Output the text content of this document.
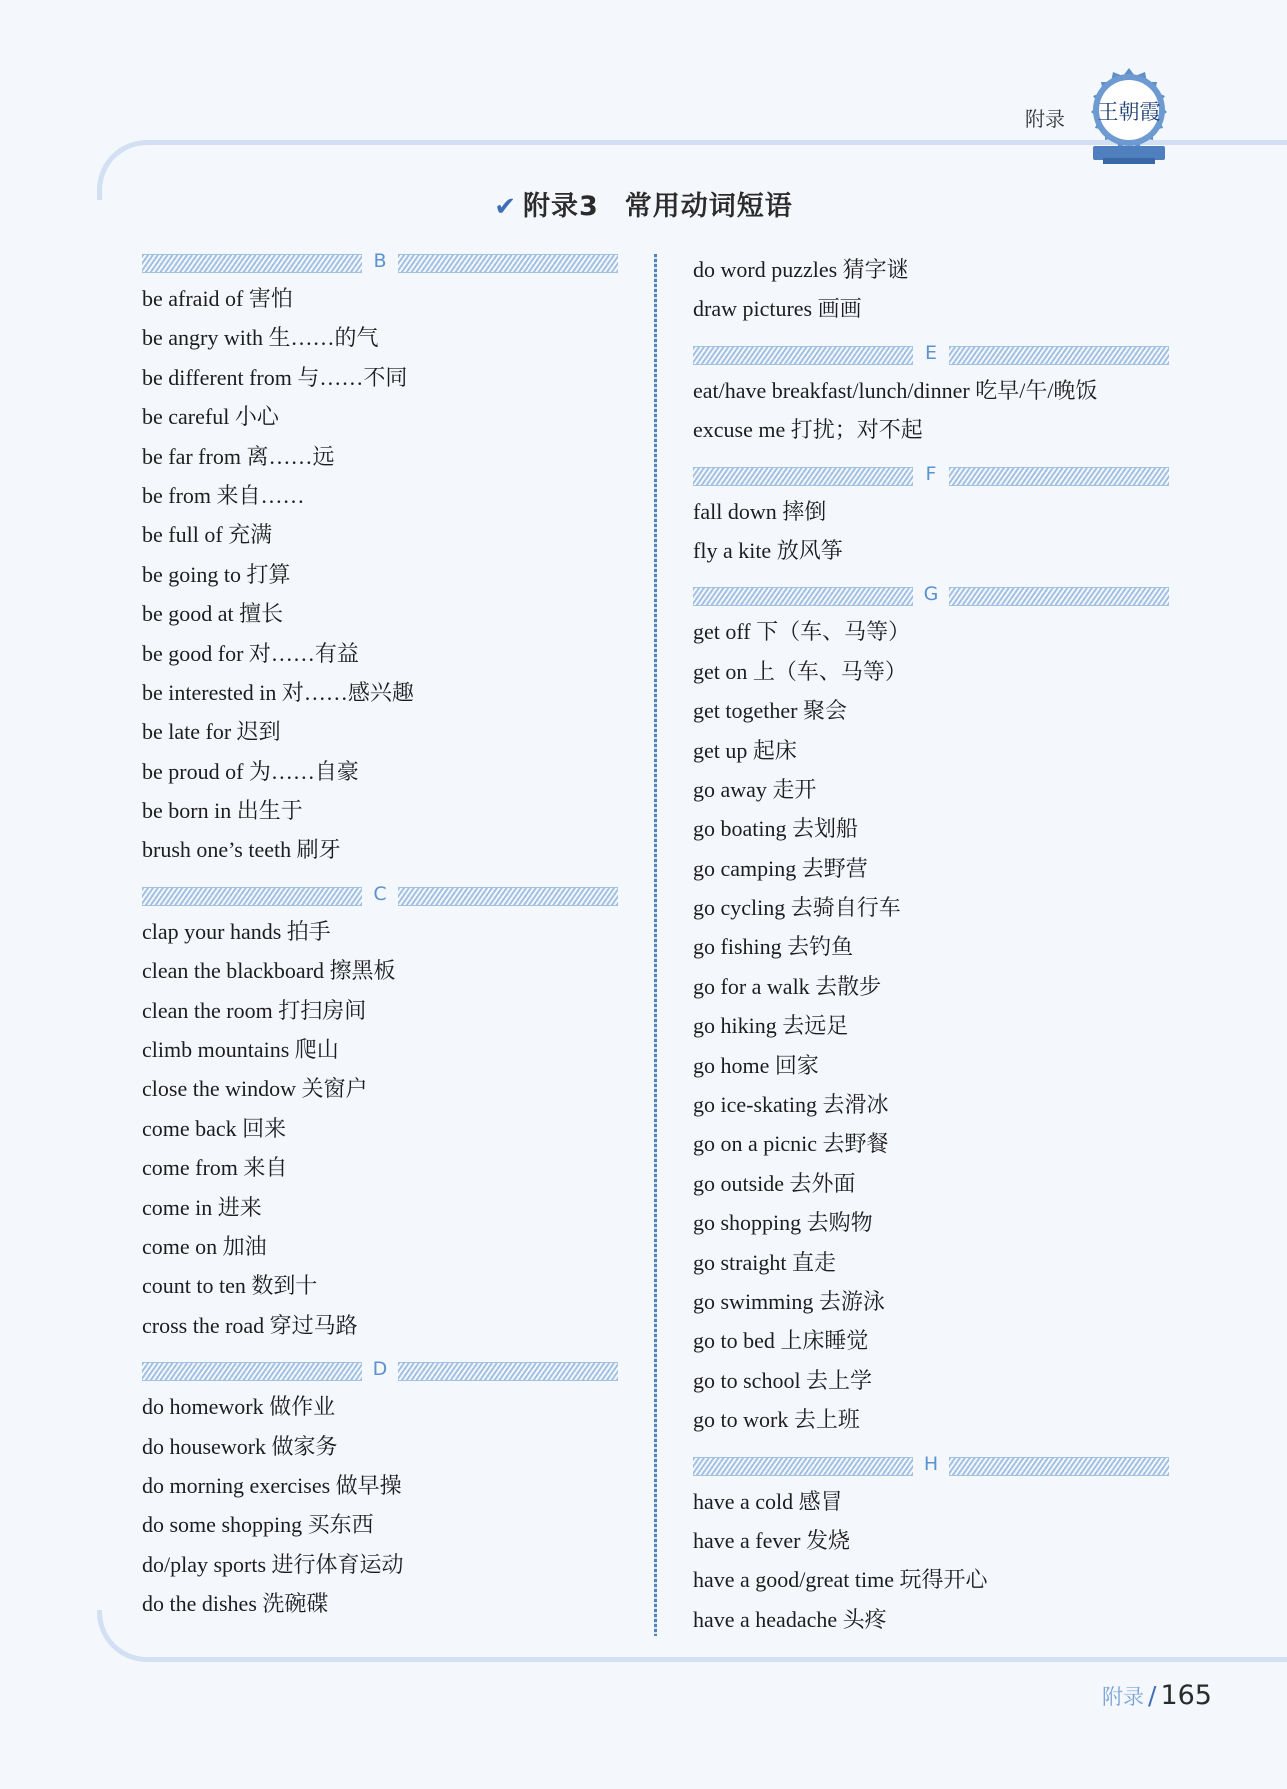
附录 王朝霞
✔ 附录3 常用动词短语
B
be afraid of 害怕
be angry with 生……的气
be different from 与……不同
be careful 小心
be far from 离……远
be from 来自……
be full of 充满
be going to 打算
be good at 擅长
be good for 对……有益
be interested in 对……感兴趣
be late for 迟到
be proud of 为……自豪
be born in 出生于
brush one’s teeth 刷牙
C
clap your hands 拍手
clean the blackboard 擦黑板
clean the room 打扫房间
climb mountains 爬山
close the window 关窗户
come back 回来
come from 来自
come in 进来
come on 加油
count to ten 数到十
cross the road 穿过马路
D
do homework 做作业
do housework 做家务
do morning exercises 做早操
do some shopping 买东西
do/play sports 进行体育运动
do the dishes 洗碗碟
do word puzzles 猜字谜
draw pictures 画画
E
eat/have breakfast/lunch/dinner 吃早/午/晚饭
excuse me 打扰；对不起
F
fall down 摔倒
fly a kite 放风筝
G
get off 下（车、马等）
get on 上（车、马等）
get together 聚会
get up 起床
go away 走开
go boating 去划船
go camping 去野营
go cycling 去骑自行车
go fishing 去钓鱼
go for a walk 去散步
go hiking 去远足
go home 回家
go ice-skating 去滑冰
go on a picnic 去野餐
go outside 去外面
go shopping 去购物
go straight 直走
go swimming 去游泳
go to bed 上床睡觉
go to school 去上学
go to work 去上班
H
have a cold 感冒
have a fever 发烧
have a good/great time 玩得开心
have a headache 头疼
附录 / 165
